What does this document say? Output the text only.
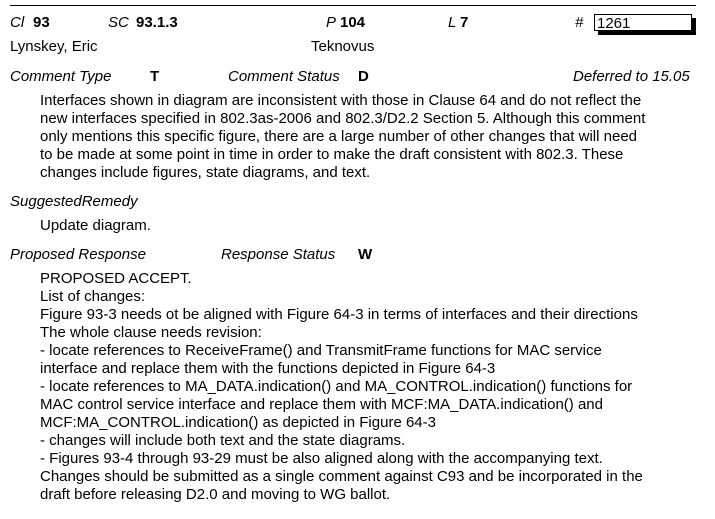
Cl 93	SC 93.1.3	P 104	L 7	# 1261
Lynskey, Eric	Teknovus
Comment Type	T	Comment Status D	Deferred to 15.05
Interfaces shown in diagram are inconsistent with those in Clause 64 and do not reflect the
new interfaces specified in 802.3as-2006 and 802.3/D2.2 Section 5. Although this comment
only mentions this specific figure, there are a large number of other changes that will need
to be made at some point in time in order to make the draft consistent with 802.3. These
changes include figures, state diagrams, and text.
SuggestedRemedy
Update diagram.
Proposed Response	Response Status W
PROPOSED ACCEPT.
List of changes:
Figure 93-3 needs ot be aligned with Figure 64-3 in terms of interfaces and their directions
The whole clause needs revision:
- locate references to ReceiveFrame() and TransmitFrame functions for MAC service
interface and replace them with the functions depicted in Figure 64-3
- locate references to MA_DATA.indication() and MA_CONTROL.indication() functions for
MAC control service interface and replace them with MCF:MA_DATA.indication() and
MCF:MA_CONTROL.indication() as depicted in Figure 64-3
- changes will include both text and the state diagrams.
- Figures 93-4 through 93-29 must be also aligned along with the accompanying text.
Changes should be submitted as a single comment against C93 and be incorporated in the
draft before releasing D2.0 and moving to WG ballot.
